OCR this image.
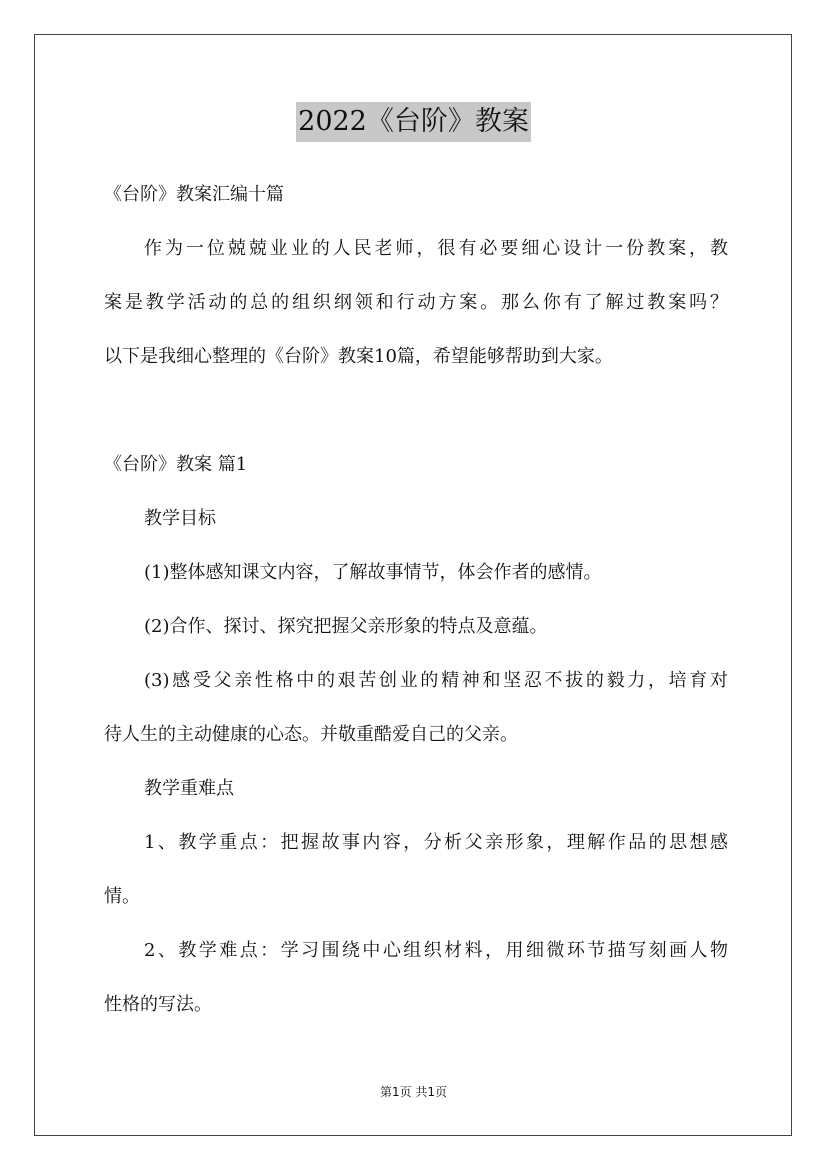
2022《台阶》教案
《台阶》教案汇编十篇
作为一位兢兢业业的人民老师，很有必要细心设计一份教案，教
案是教学活动的总的组织纲领和行动方案。那么你有了解过教案吗？
以下是我细心整理的《台阶》教案10篇，希望能够帮助到大家。
《台阶》教案 篇1
教学目标
(1)整体感知课文内容，了解故事情节，体会作者的感情。
(2)合作、探讨、探究把握父亲形象的特点及意蕴。
(3)感受父亲性格中的艰苦创业的精神和坚忍不拔的毅力，培育对
待人生的主动健康的心态。并敬重酷爱自己的父亲。
教学重难点
1、教学重点：把握故事内容，分析父亲形象，理解作品的思想感
情。
2、教学难点：学习围绕中心组织材料，用细微环节描写刻画人物
性格的写法。
第1页 共1页
